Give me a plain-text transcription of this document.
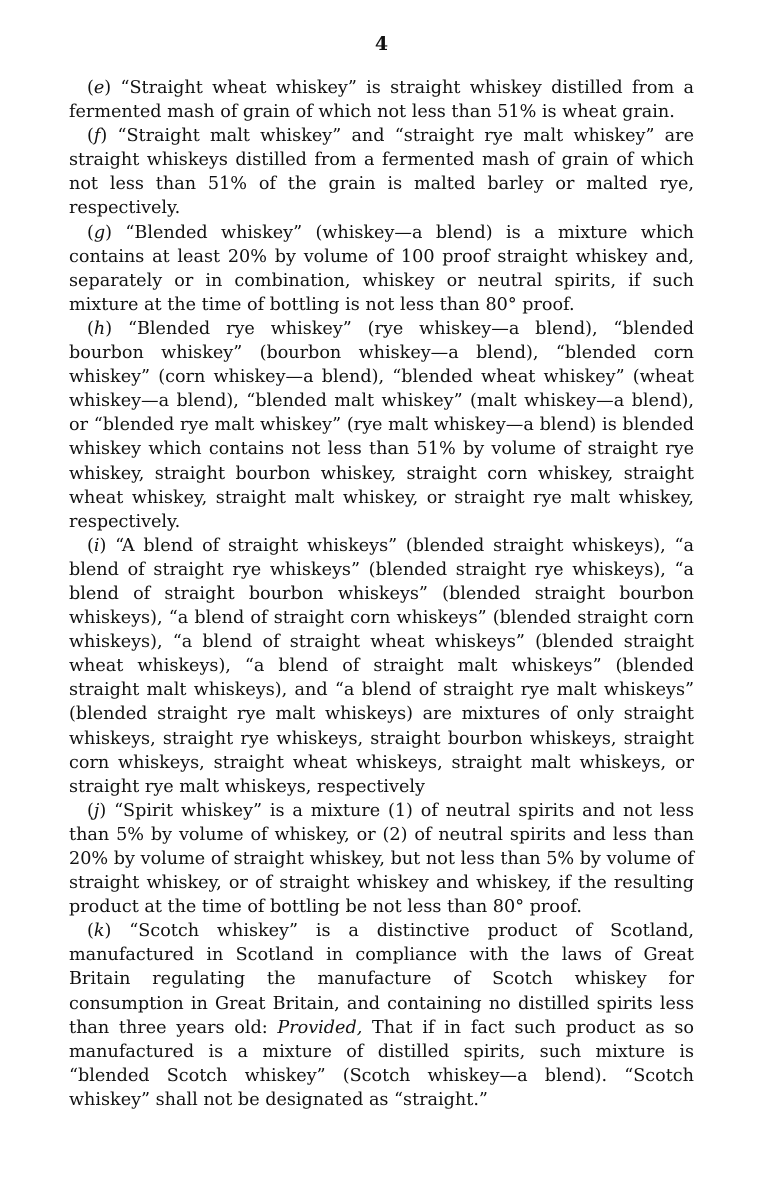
4

(e) “Straight wheat whiskey” is straight whiskey distilled from a fermented mash of grain of which not less than 51% is wheat grain.

(f) “Straight malt whiskey” and “straight rye malt whiskey” are straight whiskeys distilled from a fermented mash of grain of which not less than 51% of the grain is malted barley or malted rye, respectively.

(g) “Blended whiskey” (whiskey—a blend) is a mixture which contains at least 20% by volume of 100 proof straight whiskey and, separately or in combination, whiskey or neutral spirits, if such mixture at the time of bottling is not less than 80° proof.

(h) “Blended rye whiskey” (rye whiskey—a blend), “blended bourbon whiskey” (bourbon whiskey—a blend), “blended corn whiskey” (corn whiskey—a blend), “blended wheat whiskey” (wheat whiskey—a blend), “blended malt whiskey” (malt whiskey—a blend), or “blended rye malt whiskey” (rye malt whiskey—a blend) is blended whiskey which contains not less than 51% by volume of straight rye whiskey, straight bourbon whiskey, straight corn whiskey, straight wheat whiskey, straight malt whiskey, or straight rye malt whiskey, respectively.

(i) “A blend of straight whiskeys” (blended straight whiskeys), “a blend of straight rye whiskeys” (blended straight rye whiskeys), “a blend of straight bourbon whiskeys” (blended straight bourbon whiskeys), “a blend of straight corn whiskeys” (blended straight corn whiskeys), “a blend of straight wheat whiskeys” (blended straight wheat whiskeys), “a blend of straight malt whiskeys” (blended straight malt whiskeys), and “a blend of straight rye malt whiskeys” (blended straight rye malt whiskeys) are mixtures of only straight whiskeys, straight rye whiskeys, straight bourbon whiskeys, straight corn whiskeys, straight wheat whiskeys, straight malt whiskeys, or straight rye malt whiskeys, respectively

(j) “Spirit whiskey” is a mixture (1) of neutral spirits and not less than 5% by volume of whiskey, or (2) of neutral spirits and less than 20% by volume of straight whiskey, but not less than 5% by volume of straight whiskey, or of straight whiskey and whiskey, if the resulting product at the time of bottling be not less than 80° proof.

(k) “Scotch whiskey” is a distinctive product of Scotland, manufactured in Scotland in compliance with the laws of Great Britain regulating the manufacture of Scotch whiskey for consumption in Great Britain, and containing no distilled spirits less than three years old: Provided, That if in fact such product as so manufactured is a mixture of distilled spirits, such mixture is “blended Scotch whiskey” (Scotch whiskey—a blend). “Scotch whiskey” shall not be designated as “straight.”
